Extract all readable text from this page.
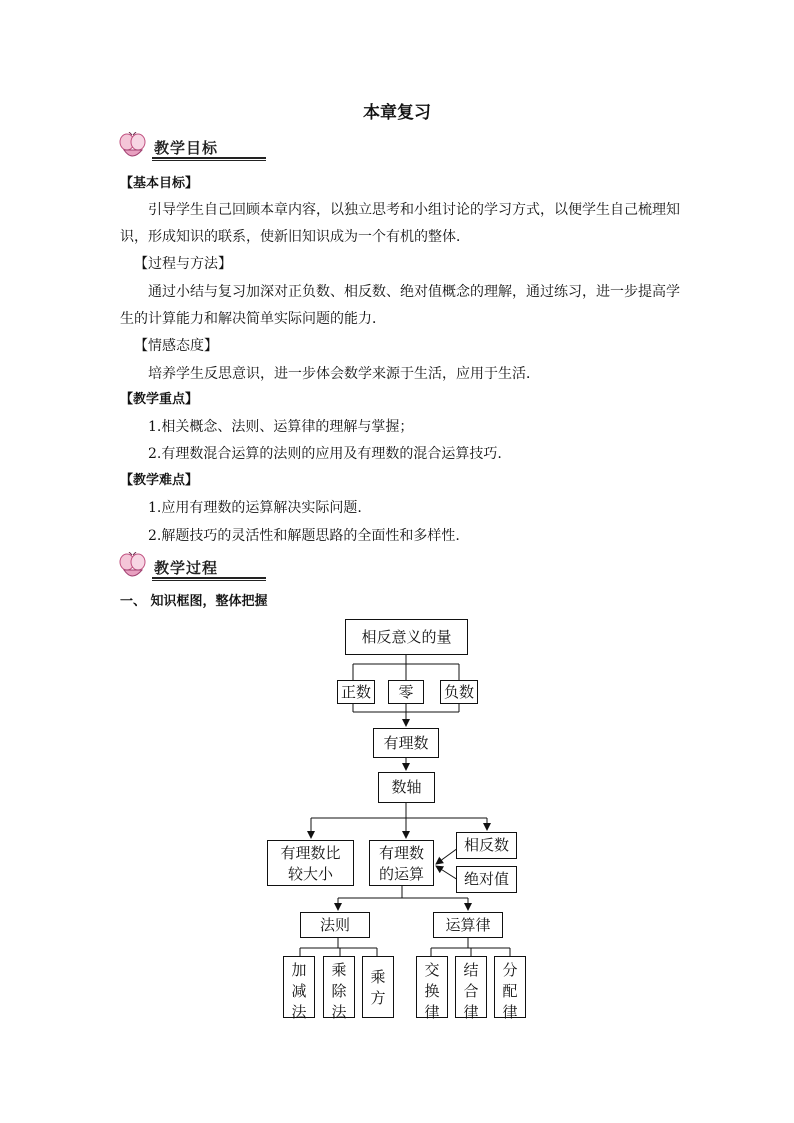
本章复习
教学目标
【基本目标】
引导学生自己回顾本章内容，以独立思考和小组讨论的学习方式，以便学生自己梳理知
识，形成知识的联系，使新旧知识成为一个有机的整体．
【过程与方法】
通过小结与复习加深对正负数、相反数、绝对值概念的理解，通过练习，进一步提高学
生的计算能力和解决简单实际问题的能力．
【情感态度】
培养学生反思意识，进一步体会数学来源于生活，应用于生活．
【教学重点】
1.相关概念、法则、运算律的理解与掌握；
2.有理数混合运算的法则的应用及有理数的混合运算技巧.
【教学难点】
1.应用有理数的运算解决实际问题.
2.解题技巧的灵活性和解题思路的全面性和多样性.
教学过程
一、 知识框图，整体把握
相反意义的量
正数	零	负数
有理数
数轴
有理数比
较大小
有理数
的运算
相反数
绝对值
法则	运算律
加
减
法
乘
除
法
乘
方
交
换
律
结
合
律
分
配
律
